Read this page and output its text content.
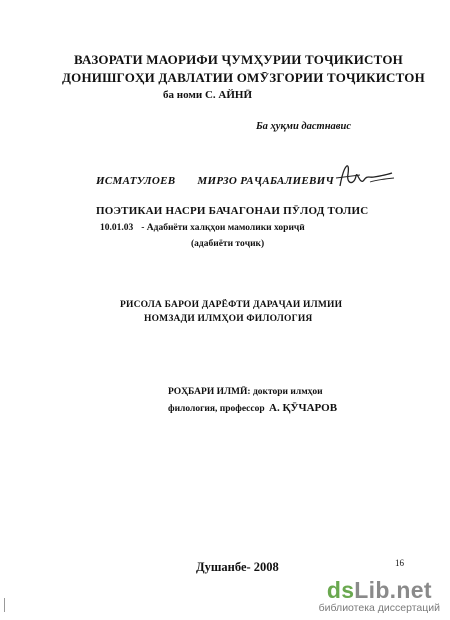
ВАЗОРАТИ МАОРИФИ ҶУМҲУРИИ ТОҶИКИСТОН
ДОНИШГОҲИ ДАВЛАТИИ ОМӮЗГОРИИ ТОҶИКИСТОН
ба номи С. АЙНӢ
Ба ҳуқми дастнавис
ИСМАТУЛОЕВ МИРЗО РАҶАБАЛИЕВИЧ
ПОЭТИКАИ НАСРИ БАЧАГОНАИ ПӮЛОД ТОЛИС
10.01.03 - Адабиёти халқҳои мамолики хориҷӣ
(адабиёти тоҷик)
РИСОЛА БАРОИ ДАРЁФТИ ДАРАҶАИ ИЛМИИ
НОМЗАДИ ИЛМҲОИ ФИЛОЛОГИЯ
РОҲБАРИ ИЛМӢ: доктори илмҳои
филология, профессор А. ҚӮЧАРОВ
Душанбе- 2008	16
dsLib.net
библиотека диссертаций
